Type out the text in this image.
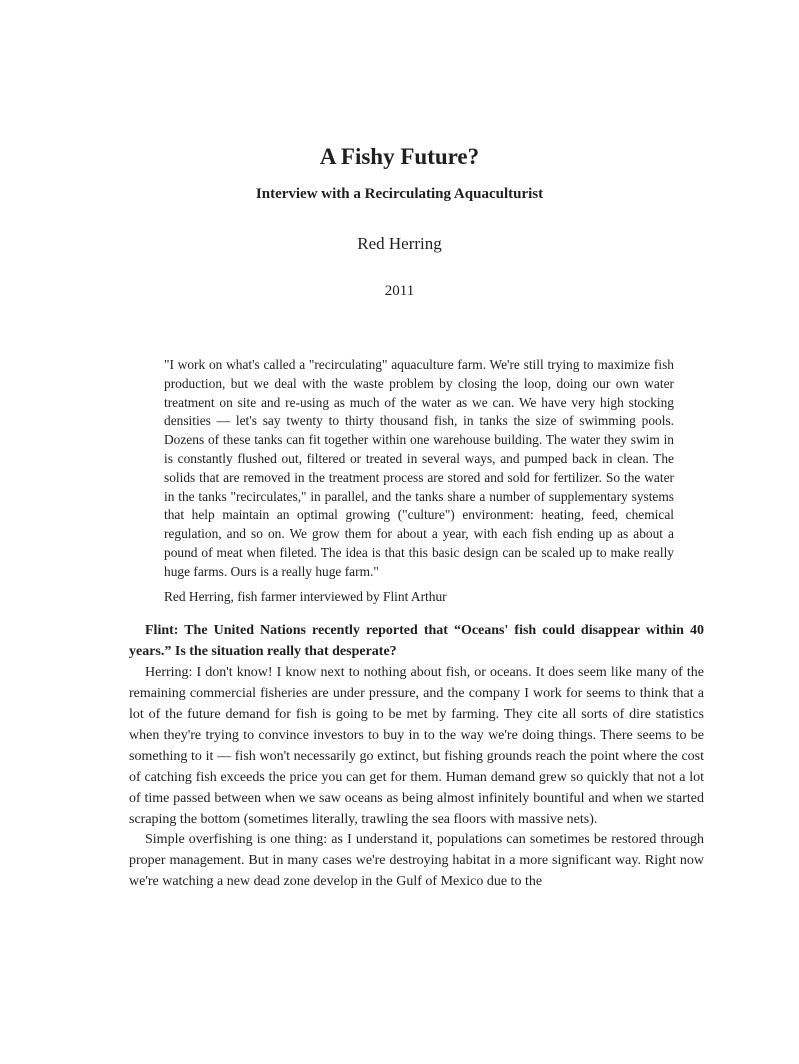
A Fishy Future?
Interview with a Recirculating Aquaculturist
Red Herring
2011

"I work on what's called a "recirculating" aquaculture farm. We're still trying to maximize fish production, but we deal with the waste problem by closing the loop, doing our own water treatment on site and re-using as much of the water as we can. We have very high stocking densities — let's say twenty to thirty thousand fish, in tanks the size of swimming pools. Dozens of these tanks can fit together within one warehouse building. The water they swim in is constantly flushed out, filtered or treated in several ways, and pumped back in clean. The solids that are removed in the treatment process are stored and sold for fertilizer. So the water in the tanks "recirculates," in parallel, and the tanks share a number of supplementary systems that help maintain an optimal growing ("culture") environment: heating, feed, chemical regulation, and so on. We grow them for about a year, with each fish ending up as about a pound of meat when fileted. The idea is that this basic design can be scaled up to make really huge farms. Ours is a really huge farm."

Red Herring, fish farmer interviewed by Flint Arthur

Flint: The United Nations recently reported that “Oceans' fish could disappear within 40 years.” Is the situation really that desperate?

Herring: I don't know! I know next to nothing about fish, or oceans. It does seem like many of the remaining commercial fisheries are under pressure, and the company I work for seems to think that a lot of the future demand for fish is going to be met by farming. They cite all sorts of dire statistics when they're trying to convince investors to buy in to the way we're doing things. There seems to be something to it — fish won't necessarily go extinct, but fishing grounds reach the point where the cost of catching fish exceeds the price you can get for them. Human demand grew so quickly that not a lot of time passed between when we saw oceans as being almost infinitely bountiful and when we started scraping the bottom (sometimes literally, trawling the sea floors with massive nets).

Simple overfishing is one thing: as I understand it, populations can sometimes be restored through proper management. But in many cases we're destroying habitat in a more significant way. Right now we're watching a new dead zone develop in the Gulf of Mexico due to the
